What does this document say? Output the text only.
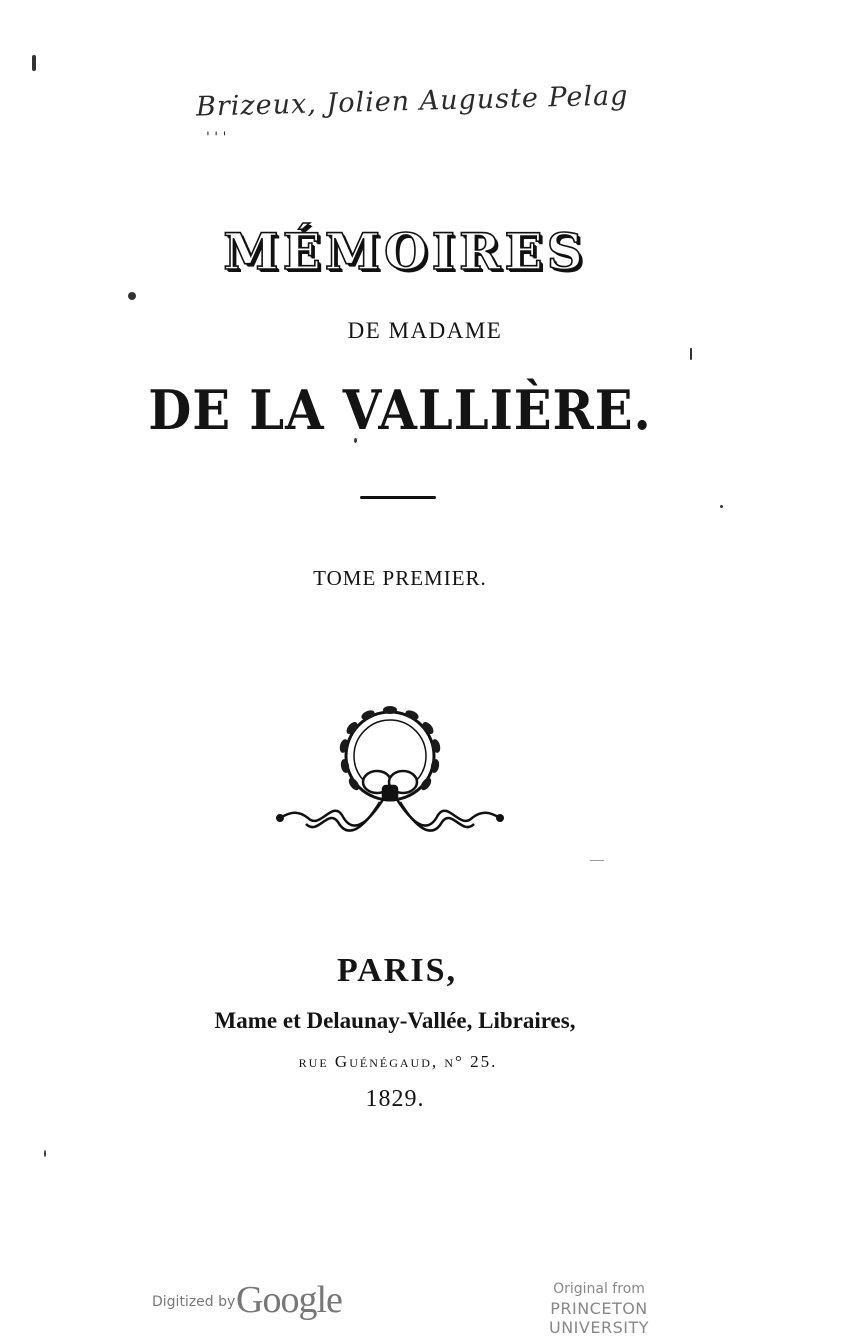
Brizeux, Jolien Auguste Pelag
' ' '
MÉMOIRES
DE MADAME
DE LA VALLIÈRE.
TOME PREMIER.
PARIS,
Mame et Delaunay-Vallée, Libraires,
rue Guénégaud, n° 25.
1829.
Digitized by Google	Original from
PRINCETON UNIVERSITY
